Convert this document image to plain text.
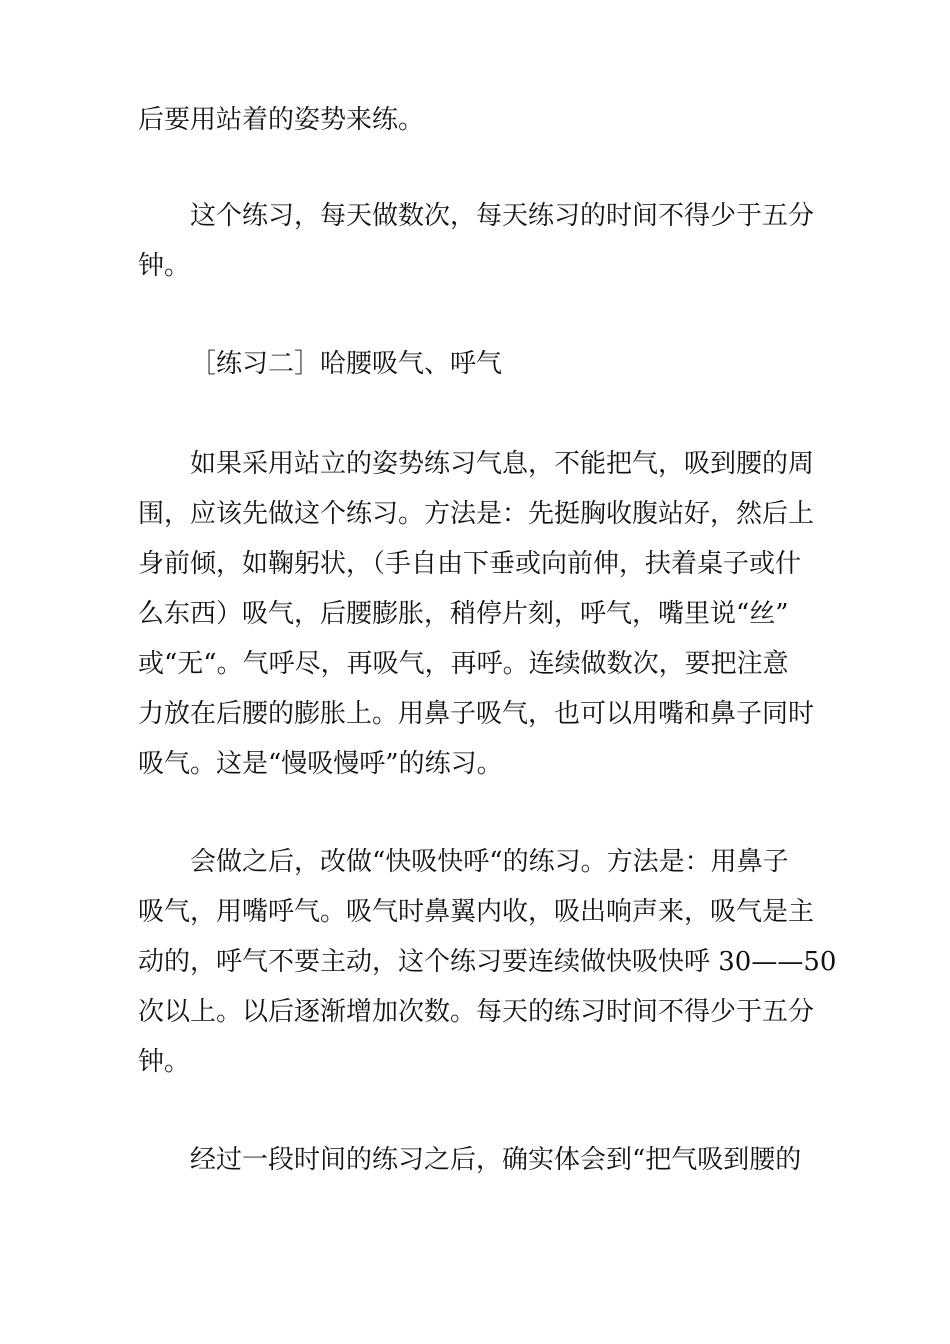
后要用站着的姿势来练。
这个练习，每天做数次，每天练习的时间不得少于五分
钟。
［练习二］哈腰吸气、呼气
如果采用站立的姿势练习气息，不能把气，吸到腰的周
围，应该先做这个练习。方法是：先挺胸收腹站好，然后上
身前倾，如鞠躬状，（手自由下垂或向前伸，扶着桌子或什
么东西）吸气，后腰膨胀，稍停片刻，呼气，嘴里说“丝”
或“无“。气呼尽，再吸气，再呼。连续做数次，要把注意
力放在后腰的膨胀上。用鼻子吸气，也可以用嘴和鼻子同时
吸气。这是“慢吸慢呼”的练习。
会做之后，改做“快吸快呼“的练习。方法是：用鼻子
吸气，用嘴呼气。吸气时鼻翼内收，吸出响声来，吸气是主
动的，呼气不要主动，这个练习要连续做快吸快呼 30——50
次以上。以后逐渐增加次数。每天的练习时间不得少于五分
钟。
经过一段时间的练习之后，确实体会到“把气吸到腰的
